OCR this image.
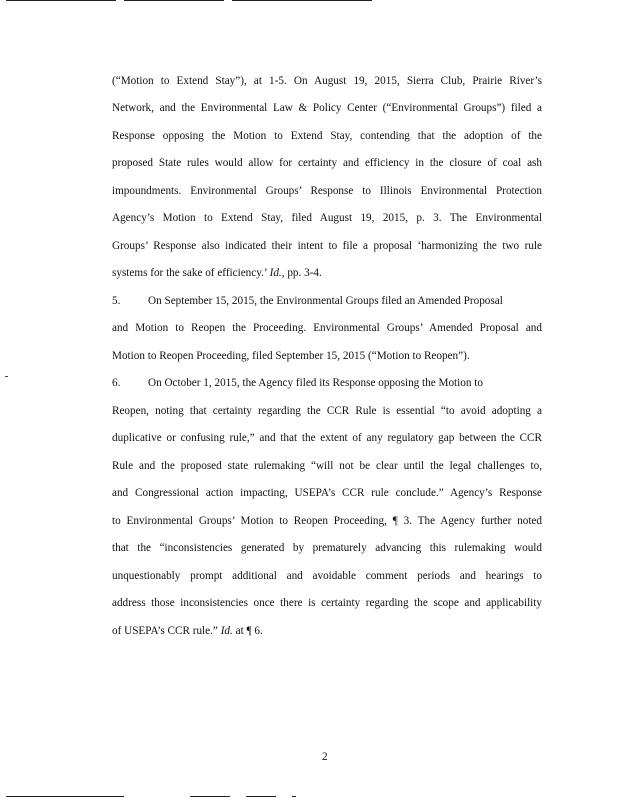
(“Motion to Extend Stay”), at 1-5. On August 19, 2015, Sierra Club, Prairie River’s
Network, and the Environmental Law & Policy Center (“Environmental Groups”) filed a
Response opposing the Motion to Extend Stay, contending that the adoption of the
proposed State rules would allow for certainty and efficiency in the closure of coal ash
impoundments. Environmental Groups’ Response to Illinois Environmental Protection
Agency’s Motion to Extend Stay, filed August 19, 2015, p. 3. The Environmental
Groups’ Response also indicated their intent to file a proposal ‘harmonizing the two rule
systems for the sake of efficiency.’ Id., pp. 3-4.
5. On September 15, 2015, the Environmental Groups filed an Amended Proposal
and Motion to Reopen the Proceeding. Environmental Groups’ Amended Proposal and
Motion to Reopen Proceeding, filed September 15, 2015 (“Motion to Reopen”).
6. On October 1, 2015, the Agency filed its Response opposing the Motion to
Reopen, noting that certainty regarding the CCR Rule is essential “to avoid adopting a
duplicative or confusing rule,” and that the extent of any regulatory gap between the CCR
Rule and the proposed state rulemaking “will not be clear until the legal challenges to,
and Congressional action impacting, USEPA’s CCR rule conclude.” Agency’s Response
to Environmental Groups’ Motion to Reopen Proceeding, ¶ 3. The Agency further noted
that the “inconsistencies generated by prematurely advancing this rulemaking would
unquestionably prompt additional and avoidable comment periods and hearings to
address those inconsistencies once there is certainty regarding the scope and applicability
of USEPA’s CCR rule.” Id. at ¶ 6.
2
